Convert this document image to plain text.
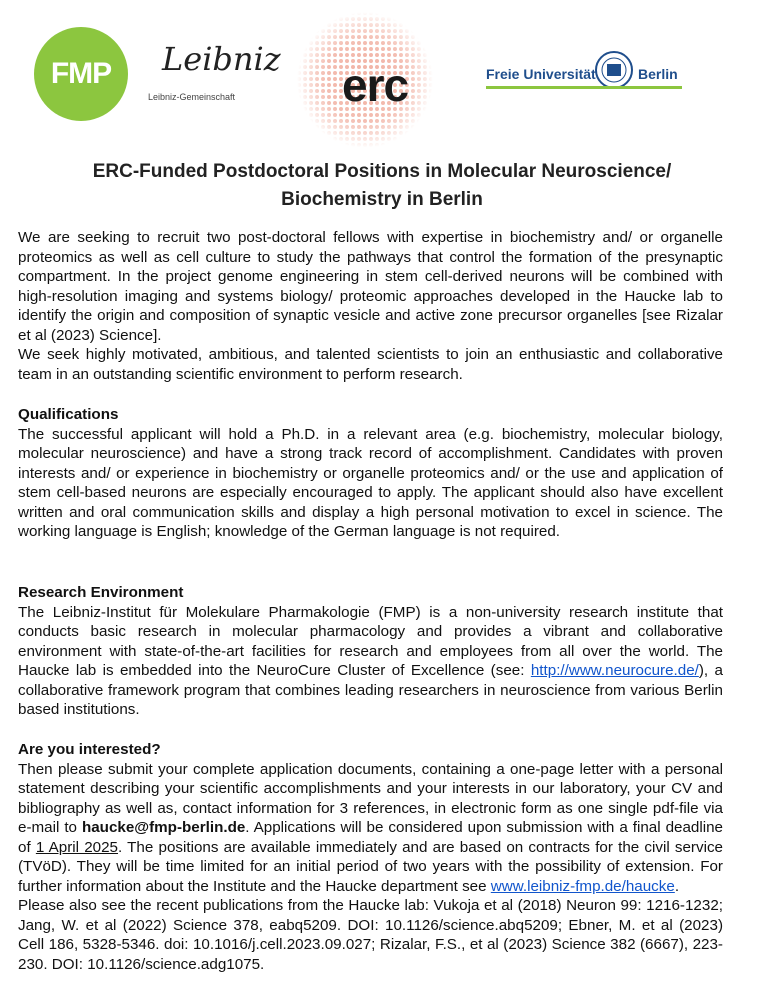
FMP Leibniz
Leibniz-Gemeinschaft erc	Freie Universität	Berlin
ERC-Funded Postdoctoral Positions in Molecular Neuroscience/
Biochemistry in Berlin

We are seeking to recruit two post-doctoral fellows with expertise in biochemistry and/ or organelle proteomics as well as cell culture to study the pathways that control the formation of the presynaptic compartment. In the project genome engineering in stem cell-derived neurons will be combined with high-resolution imaging and systems biology/ proteomic approaches developed in the Haucke lab to identify the origin and composition of synaptic vesicle and active zone precursor organelles [see Rizalar et al (2023) Science].

We seek highly motivated, ambitious, and talented scientists to join an enthusiastic and collaborative team in an outstanding scientific environment to perform research.

Qualifications

The successful applicant will hold a Ph.D. in a relevant area (e.g. biochemistry, molecular biology, molecular neuroscience) and have a strong track record of accomplishment. Candidates with proven interests and/ or experience in biochemistry or organelle proteomics and/ or the use and application of stem cell-based neurons are especially encouraged to apply. The applicant should also have excellent written and oral communication skills and display a high personal motivation to excel in science. The working language is English; knowledge of the German language is not required.

Research Environment

The Leibniz-Institut für Molekulare Pharmakologie (FMP) is a non-university research institute that conducts basic research in molecular pharmacology and provides a vibrant and collaborative environment with state-of-the-art facilities for research and employees from all over the world. The Haucke lab is embedded into the NeuroCure Cluster of Excellence (see: http://www.neurocure.de/), a collaborative framework program that combines leading researchers in neuroscience from various Berlin based institutions.

Are you interested?

Then please submit your complete application documents, containing a one-page letter with a personal statement describing your scientific accomplishments and your interests in our laboratory, your CV and bibliography as well as, contact information for 3 references, in electronic form as one single pdf-file via e-mail to haucke@fmp-berlin.de. Applications will be considered upon submission with a final deadline of 1 April 2025. The positions are available immediately and are based on contracts for the civil service (TVöD). They will be time limited for an initial period of two years with the possibility of extension. For further information about the Institute and the Haucke department see www.leibniz-fmp.de/haucke.

Please also see the recent publications from the Haucke lab: Vukoja et al (2018) Neuron 99: 1216-1232; Jang, W. et al (2022) Science 378, eabq5209. DOI: 10.1126/science.abq5209; Ebner, M. et al (2023) Cell 186, 5328-5346. doi: 10.1016/j.cell.2023.09.027; Rizalar, F.S., et al (2023) Science 382 (6667), 223-230. DOI: 10.1126/science.adg1075.
